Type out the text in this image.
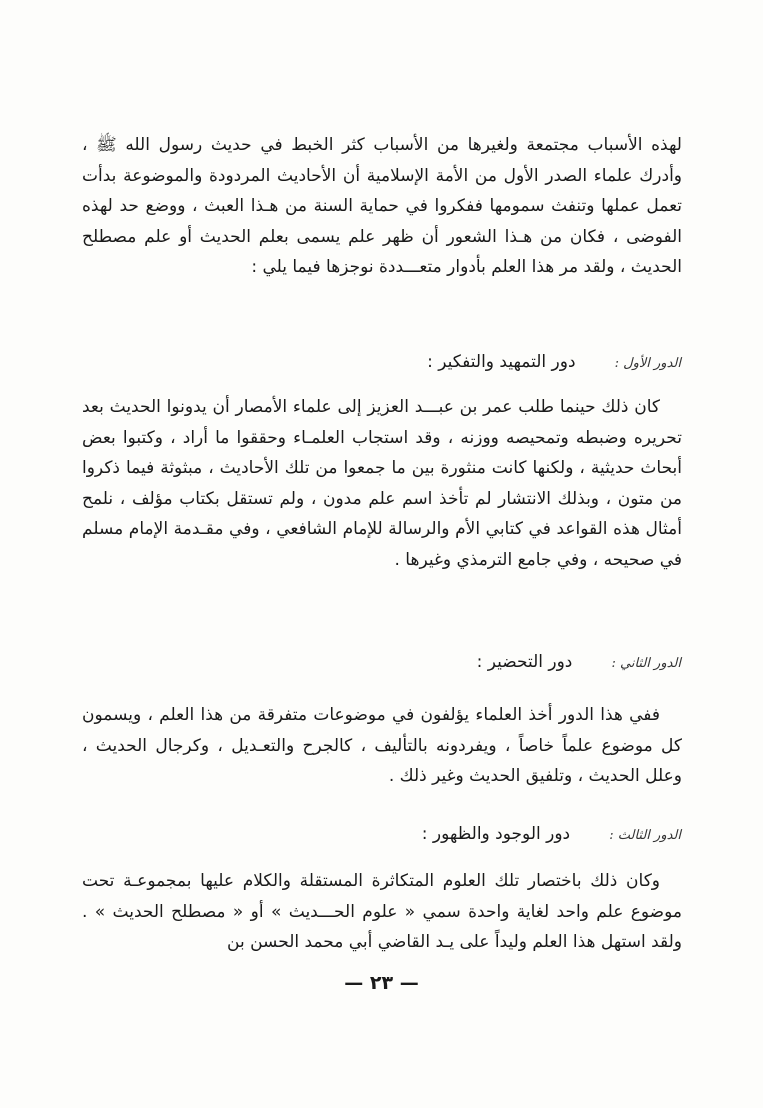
لهذه الأسباب مجتمعة ولغيرها من الأسباب كثر الخبط في حديث رسول الله ﷺ ، وأدرك علماء الصدر الأول من الأمة الإسلامية أن الأحاديث المردودة والموضوعة بدأت تعمل عملها وتنفث سمومها ففكروا في حماية السنة من هـذا العبث ، ووضع حد لهذه الفوضى ، فكان من هـذا الشعور أن ظهر علم يسمى بعلم الحديث أو علم مصطلح الحديث ، ولقد مر هذا العلم بأدوار متعـــددة نوجزها فيما يلي :

الدور الأول : دور التمهيد والتفكير :

كان ذلك حينما طلب عمر بن عبـــد العزيز إلى علماء الأمصار أن يدونوا الحديث بعد تحريره وضبطه وتمحيصه ووزنه ، وقد استجاب العلمـاء وحققوا ما أراد ، وكتبوا بعض أبحاث حديثية ، ولكنها كانت منثورة بين ما جمعوا من تلك الأحاديث ، مبثوثة فيما ذكروا من متون ، وبذلك الانتشار لم تأخذ اسم علم مدون ، ولم تستقل بكتاب مؤلف ، نلمح أمثال هذه القواعد في كتابي الأم والرسالة للإمام الشافعي ، وفي مقـدمة الإمام مسلم في صحيحه ، وفي جامع الترمذي وغيرها .

الدور الثاني : دور التحضير :

ففي هذا الدور أخذ العلماء يؤلفون في موضوعات متفرقة من هذا العلم ، ويسمون كل موضوع علماً خاصاً ، ويفردونه بالتأليف ، كالجرح والتعـديل ، وكرجال الحديث ، وعلل الحديث ، وتلفيق الحديث وغير ذلك .

الدور الثالث : دور الوجود والظهور :

وكان ذلك باختصار تلك العلوم المتكاثرة المستقلة والكلام عليها بمجموعـة تحت موضوع علم واحد لغاية واحدة سمي « علوم الحـــديث » أو « مصطلح الحديث » . ولقد استهل هذا العلم وليداً على يـد القاضي أبي محمد الحسن بن

— ٢٣ —
